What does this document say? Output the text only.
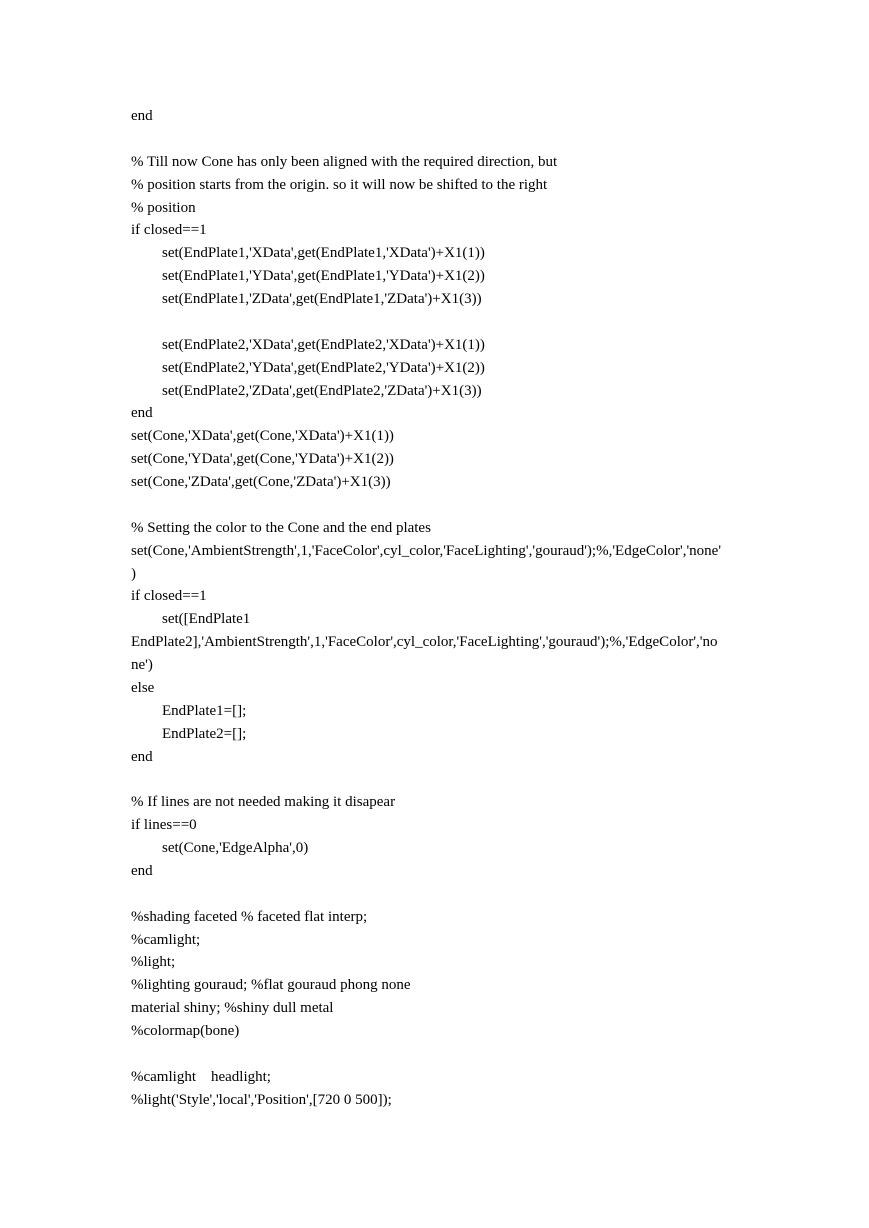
end
% Till now Cone has only been aligned with the required direction, but
% position starts from the origin. so it will now be shifted to the right
% position
if closed==1
set(EndPlate1,'XData',get(EndPlate1,'XData')+X1(1))
set(EndPlate1,'YData',get(EndPlate1,'YData')+X1(2))
set(EndPlate1,'ZData',get(EndPlate1,'ZData')+X1(3))
set(EndPlate2,'XData',get(EndPlate2,'XData')+X1(1))
set(EndPlate2,'YData',get(EndPlate2,'YData')+X1(2))
set(EndPlate2,'ZData',get(EndPlate2,'ZData')+X1(3))
end
set(Cone,'XData',get(Cone,'XData')+X1(1))
set(Cone,'YData',get(Cone,'YData')+X1(2))
set(Cone,'ZData',get(Cone,'ZData')+X1(3))
% Setting the color to the Cone and the end plates
set(Cone,'AmbientStrength',1,'FaceColor',cyl_color,'FaceLighting','gouraud');%,'EdgeColor','none'
)
if closed==1
set([EndPlate1
EndPlate2],'AmbientStrength',1,'FaceColor',cyl_color,'FaceLighting','gouraud');%,'EdgeColor','no
ne')
else
EndPlate1=[];
EndPlate2=[];
end
% If lines are not needed making it disapear
if lines==0
set(Cone,'EdgeAlpha',0)
end
%shading faceted % faceted flat interp;
%camlight;
%light;
%lighting gouraud; %flat gouraud phong none
material shiny; %shiny dull metal
%colormap(bone)
%camlight    headlight;
%light('Style','local','Position',[720 0 500]);
